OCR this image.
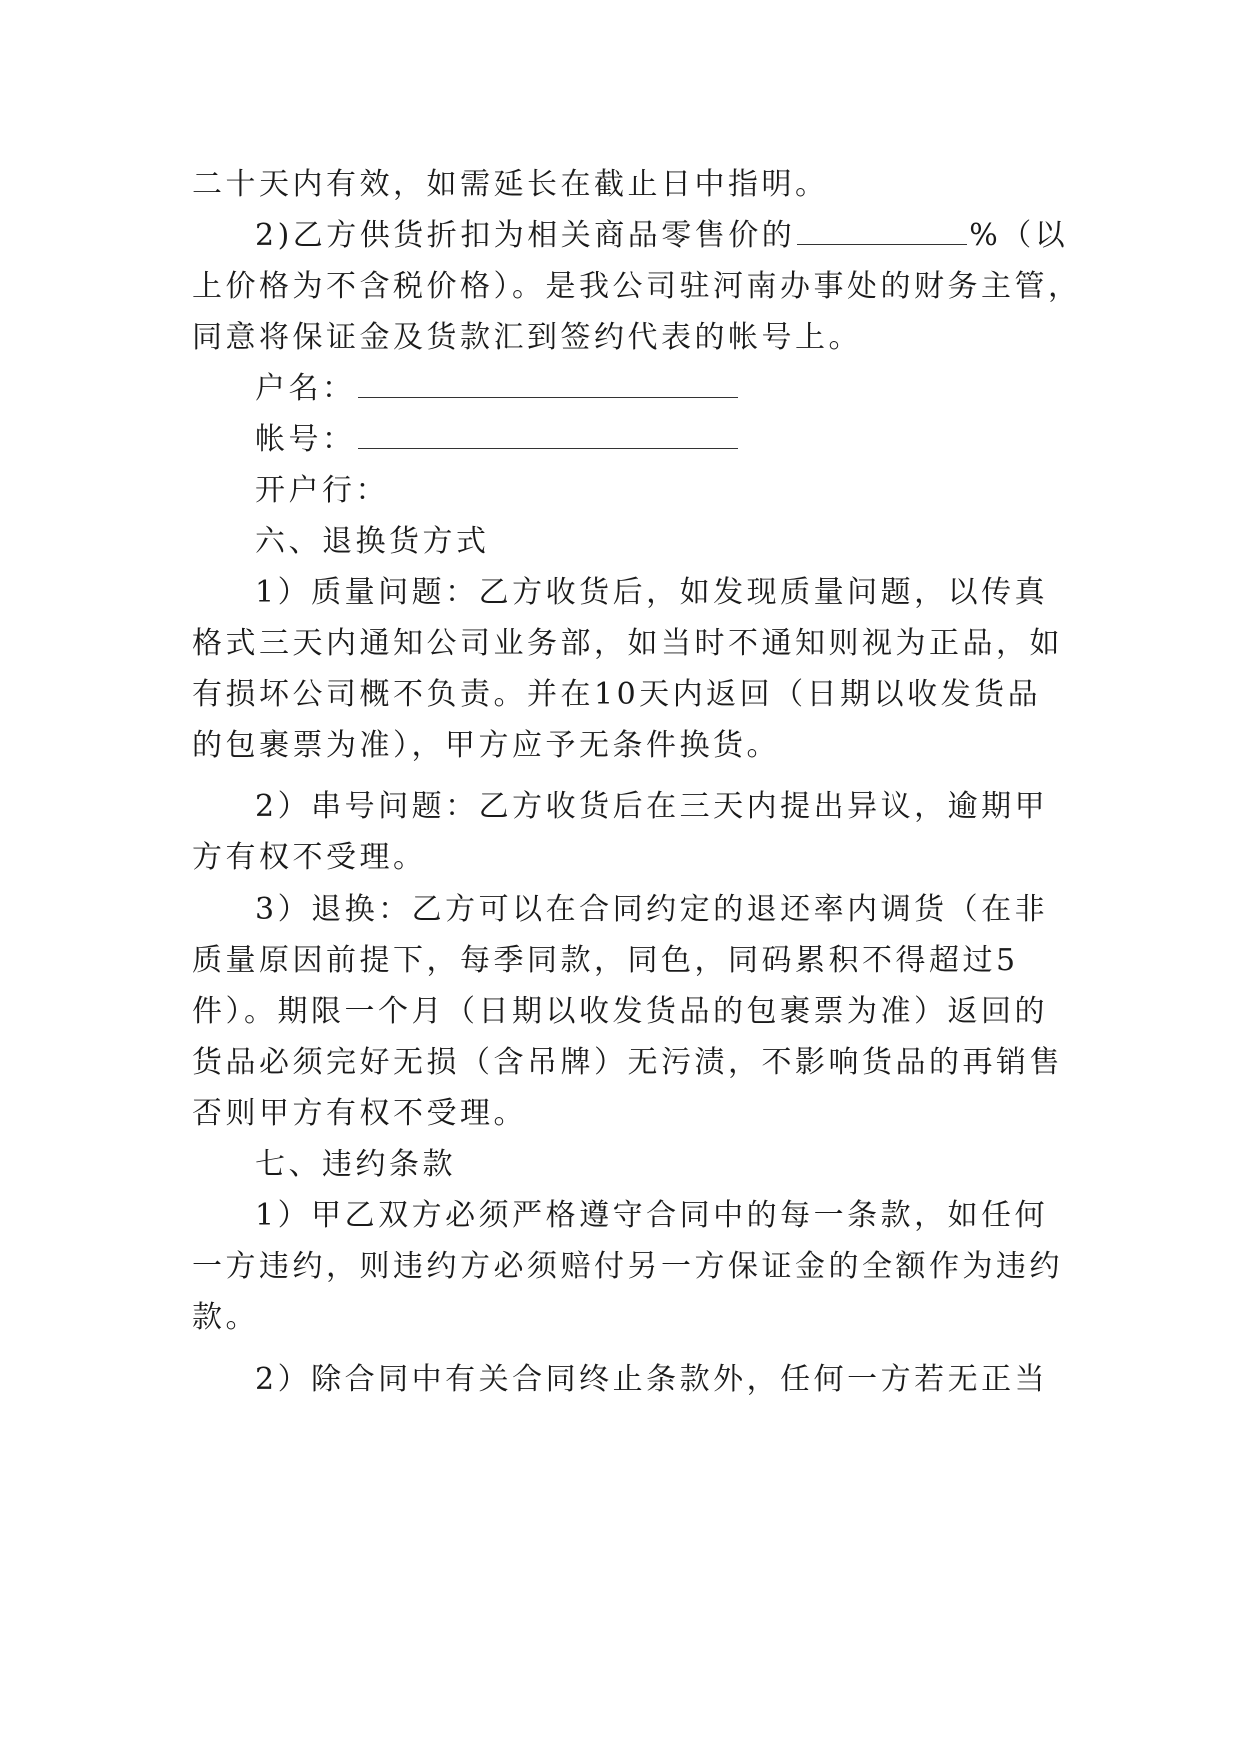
二十天内有效，如需延长在截止日中指明。
2)乙方供货折扣为相关商品零售价的	%（以
上价格为不含税价格）。是我公司驻河南办事处的财务主管，
同意将保证金及货款汇到签约代表的帐号上。
户名：
帐号：
开户行：
六、退换货方式
1）质量问题：乙方收货后，如发现质量问题，以传真
格式三天内通知公司业务部，如当时不通知则视为正品，如
有损坏公司概不负责。并在10天内返回（日期以收发货品
的包裹票为准），甲方应予无条件换货。
2）串号问题：乙方收货后在三天内提出异议，逾期甲
方有权不受理。
3）退换：乙方可以在合同约定的退还率内调货（在非
质量原因前提下，每季同款，同色，同码累积不得超过5
件）。期限一个月（日期以收发货品的包裹票为准）返回的
货品必须完好无损（含吊牌）无污渍，不影响货品的再销售
否则甲方有权不受理。
七、违约条款
1）甲乙双方必须严格遵守合同中的每一条款，如任何
一方违约，则违约方必须赔付另一方保证金的全额作为违约
款。
2）除合同中有关合同终止条款外，任何一方若无正当
